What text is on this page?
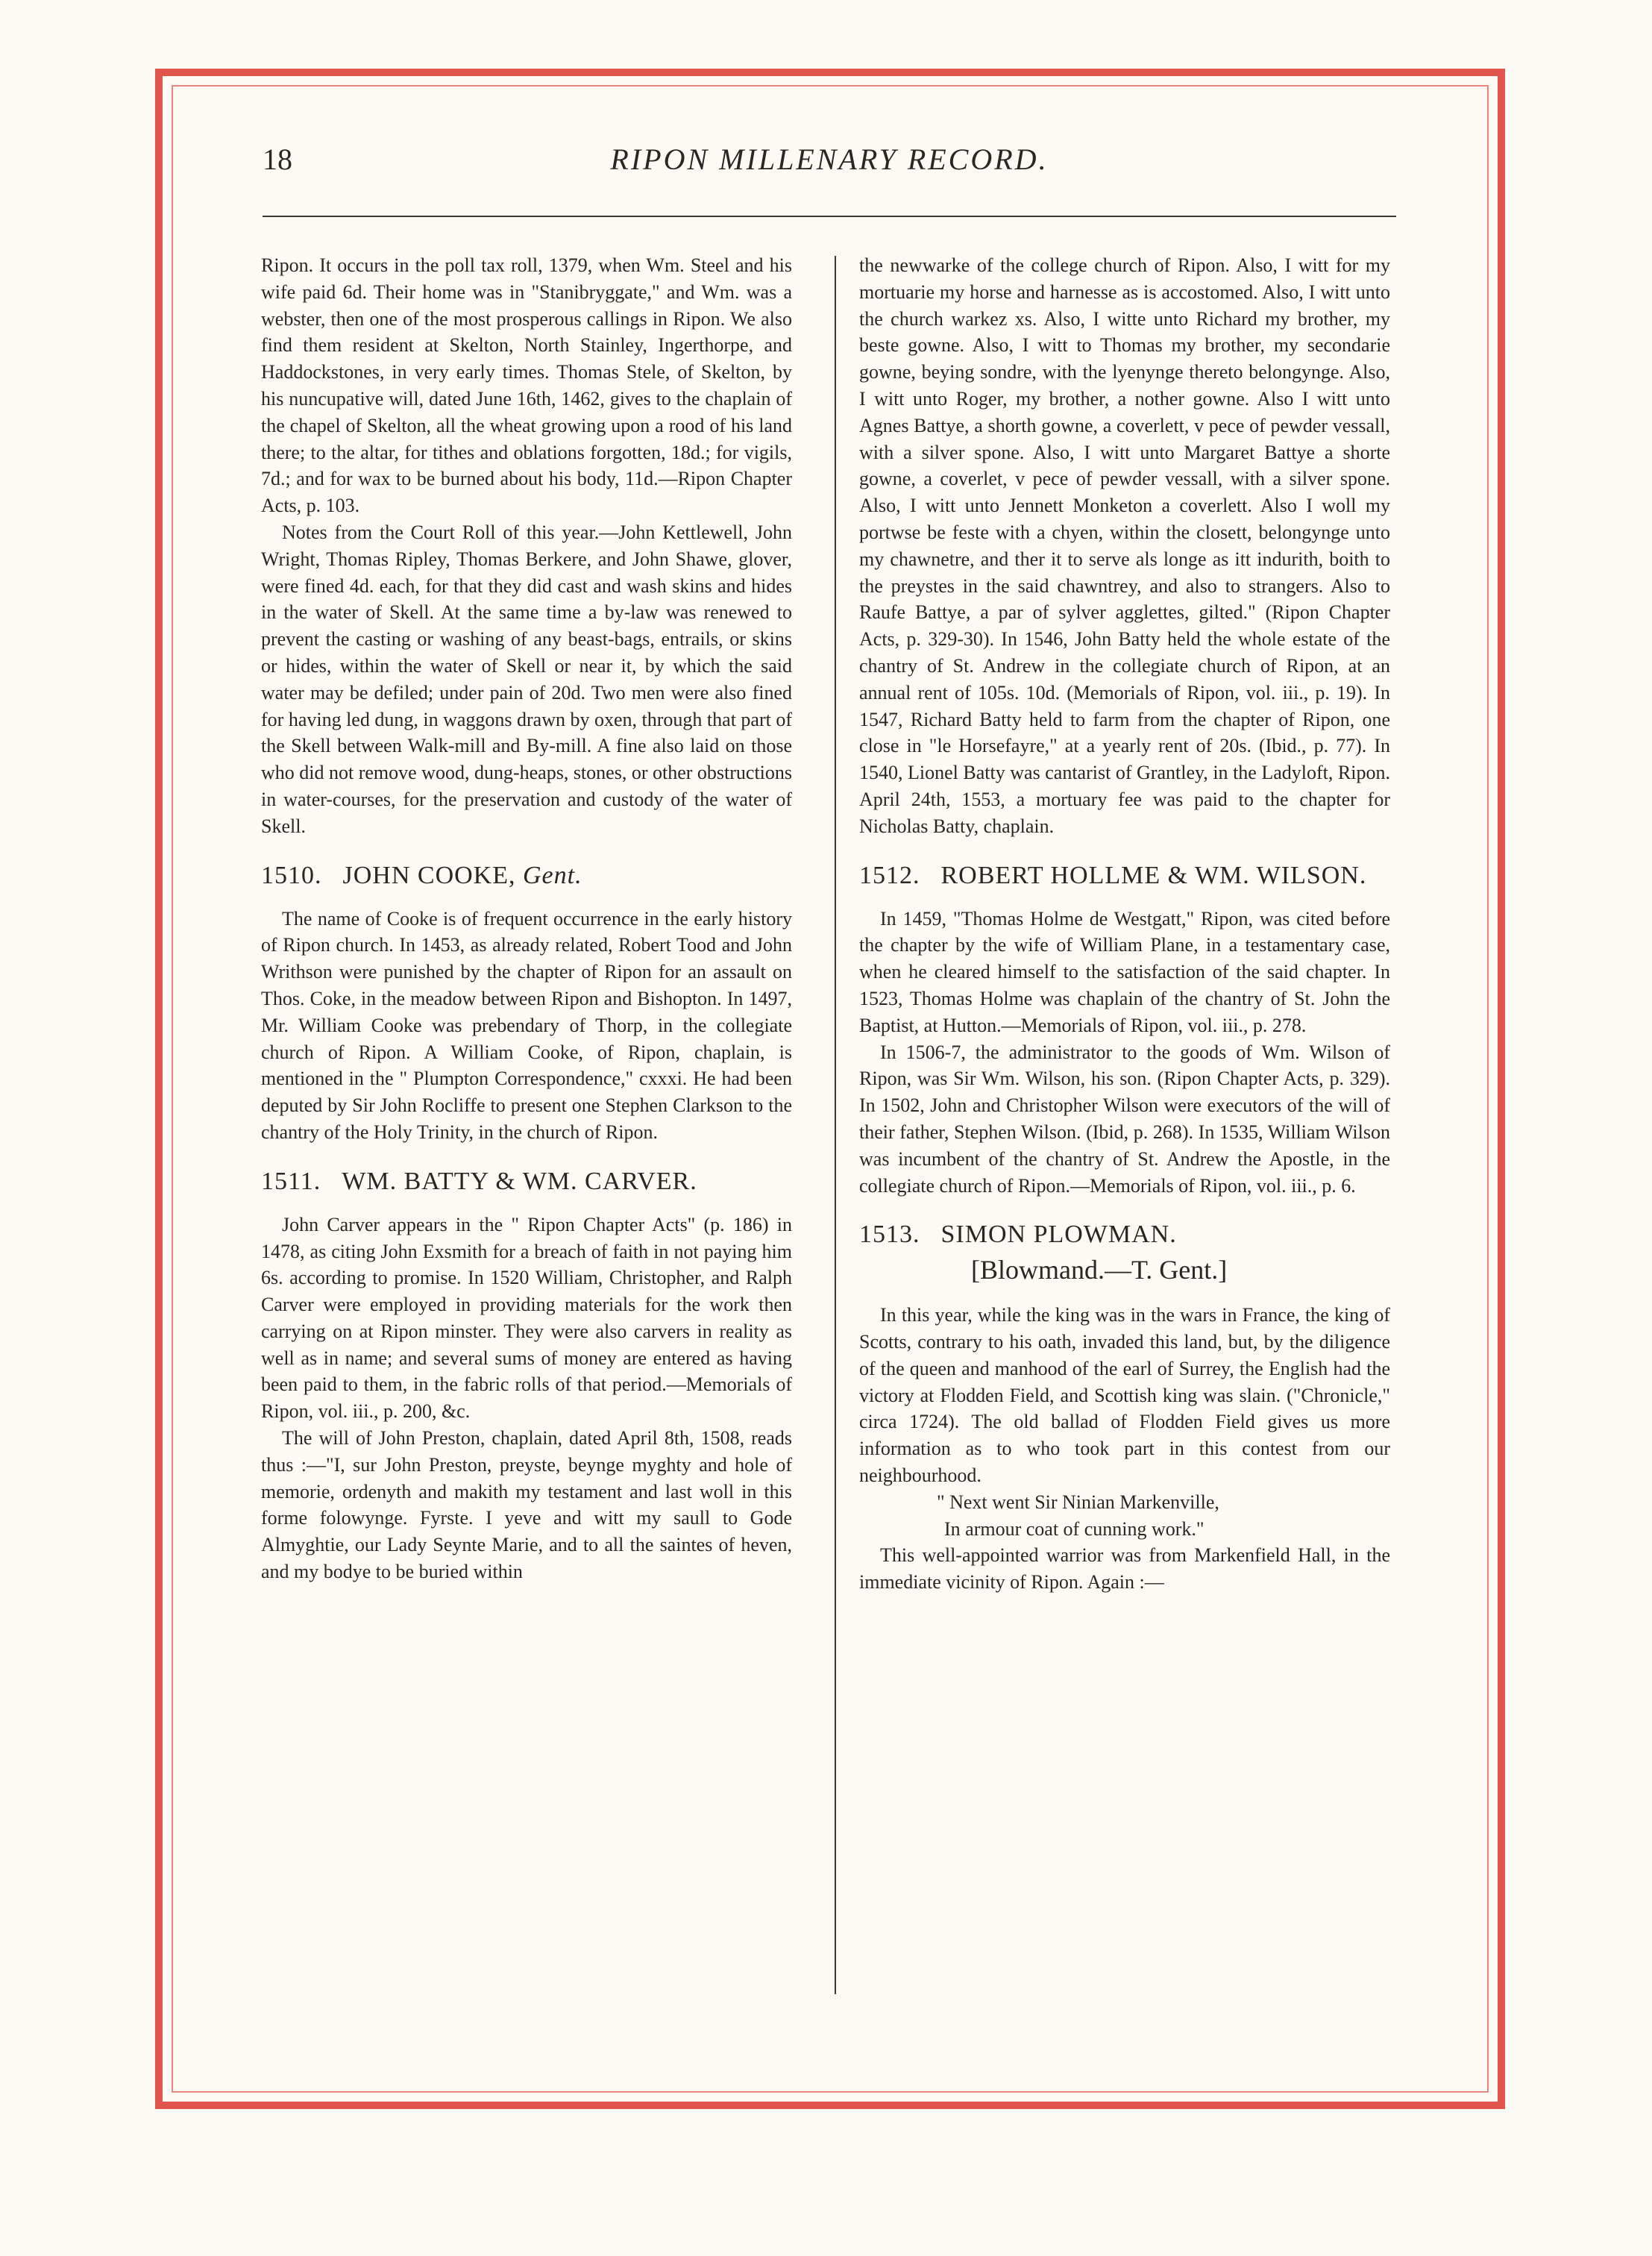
18	RIPON MILLENARY RECORD.

Ripon. It occurs in the poll tax roll, 1379, when Wm. Steel and his wife paid 6d. Their home was in "Stanibryggate," and Wm. was a webster, then one of the most prosperous callings in Ripon. We also find them resident at Skelton, North Stainley, Ingerthorpe, and Haddockstones, in very early times. Thomas Stele, of Skelton, by his nuncupative will, dated June 16th, 1462, gives to the chaplain of the chapel of Skelton, all the wheat growing upon a rood of his land there; to the altar, for tithes and oblations forgotten, 18d.; for vigils, 7d.; and for wax to be burned about his body, 11d.—Ripon Chapter Acts, p. 103.

Notes from the Court Roll of this year.—John Kettlewell, John Wright, Thomas Ripley, Thomas Berkere, and John Shawe, glover, were fined 4d. each, for that they did cast and wash skins and hides in the water of Skell. At the same time a by-law was renewed to prevent the casting or washing of any beast-bags, entrails, or skins or hides, within the water of Skell or near it, by which the said water may be defiled; under pain of 20d. Two men were also fined for having led dung, in waggons drawn by oxen, through that part of the Skell between Walk-mill and By-mill. A fine also laid on those who did not remove wood, dung-heaps, stones, or other obstructions in water-courses, for the preservation and custody of the water of Skell.

1510. JOHN COOKE, Gent.

The name of Cooke is of frequent occurrence in the early history of Ripon church. In 1453, as already related, Robert Tood and John Writhson were punished by the chapter of Ripon for an assault on Thos. Coke, in the meadow between Ripon and Bishopton. In 1497, Mr. William Cooke was prebendary of Thorp, in the collegiate church of Ripon. A William Cooke, of Ripon, chaplain, is mentioned in the " Plumpton Correspondence," cxxxi. He had been deputed by Sir John Rocliffe to present one Stephen Clarkson to the chantry of the Holy Trinity, in the church of Ripon.

1511. WM. BATTY & WM. CARVER.

John Carver appears in the " Ripon Chapter Acts" (p. 186) in 1478, as citing John Exsmith for a breach of faith in not paying him 6s. according to promise. In 1520 William, Christopher, and Ralph Carver were employed in providing materials for the work then carrying on at Ripon minster. They were also carvers in reality as well as in name; and several sums of money are entered as having been paid to them, in the fabric rolls of that period.—Memorials of Ripon, vol. iii., p. 200, &c.

The will of John Preston, chaplain, dated April 8th, 1508, reads thus :—"I, sur John Preston, preyste, beynge myghty and hole of memorie, ordenyth and makith my testament and last woll in this forme folowynge. Fyrste. I yeve and witt my saull to Gode Almyghtie, our Lady Seynte Marie, and to all the saintes of heven, and my bodye to be buried within

the newwarke of the college church of Ripon. Also, I witt for my mortuarie my horse and harnesse as is accostomed. Also, I witt unto the church warkez xs. Also, I witte unto Richard my brother, my beste gowne. Also, I witt to Thomas my brother, my secondarie gowne, beying sondre, with the lyenynge thereto belongynge. Also, I witt unto Roger, my brother, a nother gowne. Also I witt unto Agnes Battye, a shorth gowne, a coverlett, v pece of pewder vessall, with a silver spone. Also, I witt unto Margaret Battye a shorte gowne, a coverlet, v pece of pewder vessall, with a silver spone. Also, I witt unto Jennett Monketon a coverlett. Also I woll my portwse be feste with a chyen, within the closett, belongynge unto my chawnetre, and ther it to serve als longe as itt indurith, boith to the preystes in the said chawntrey, and also to strangers. Also to Raufe Battye, a par of sylver agglettes, gilted." (Ripon Chapter Acts, p. 329-30). In 1546, John Batty held the whole estate of the chantry of St. Andrew in the collegiate church of Ripon, at an annual rent of 105s. 10d. (Memorials of Ripon, vol. iii., p. 19). In 1547, Richard Batty held to farm from the chapter of Ripon, one close in "le Horsefayre," at a yearly rent of 20s. (Ibid., p. 77). In 1540, Lionel Batty was cantarist of Grantley, in the Ladyloft, Ripon. April 24th, 1553, a mortuary fee was paid to the chapter for Nicholas Batty, chaplain.

1512. ROBERT HOLLME & WM. WILSON.

In 1459, "Thomas Holme de Westgatt," Ripon, was cited before the chapter by the wife of William Plane, in a testamentary case, when he cleared himself to the satisfaction of the said chapter. In 1523, Thomas Holme was chaplain of the chantry of St. John the Baptist, at Hutton.—Memorials of Ripon, vol. iii., p. 278.

In 1506-7, the administrator to the goods of Wm. Wilson of Ripon, was Sir Wm. Wilson, his son. (Ripon Chapter Acts, p. 329). In 1502, John and Christopher Wilson were executors of the will of their father, Stephen Wilson. (Ibid, p. 268). In 1535, William Wilson was incumbent of the chantry of St. Andrew the Apostle, in the collegiate church of Ripon.—Memorials of Ripon, vol. iii., p. 6.

1513. SIMON PLOWMAN.
[Blowmand.—T. Gent.]

In this year, while the king was in the wars in France, the king of Scotts, contrary to his oath, invaded this land, but, by the diligence of the queen and manhood of the earl of Surrey, the English had the victory at Flodden Field, and Scottish king was slain. ("Chronicle," circa 1724). The old ballad of Flodden Field gives us more information as to who took part in this contest from our neighbourhood.

" Next went Sir Ninian Markenville,
In armour coat of cunning work."

This well-appointed warrior was from Markenfield Hall, in the immediate vicinity of Ripon. Again :—
